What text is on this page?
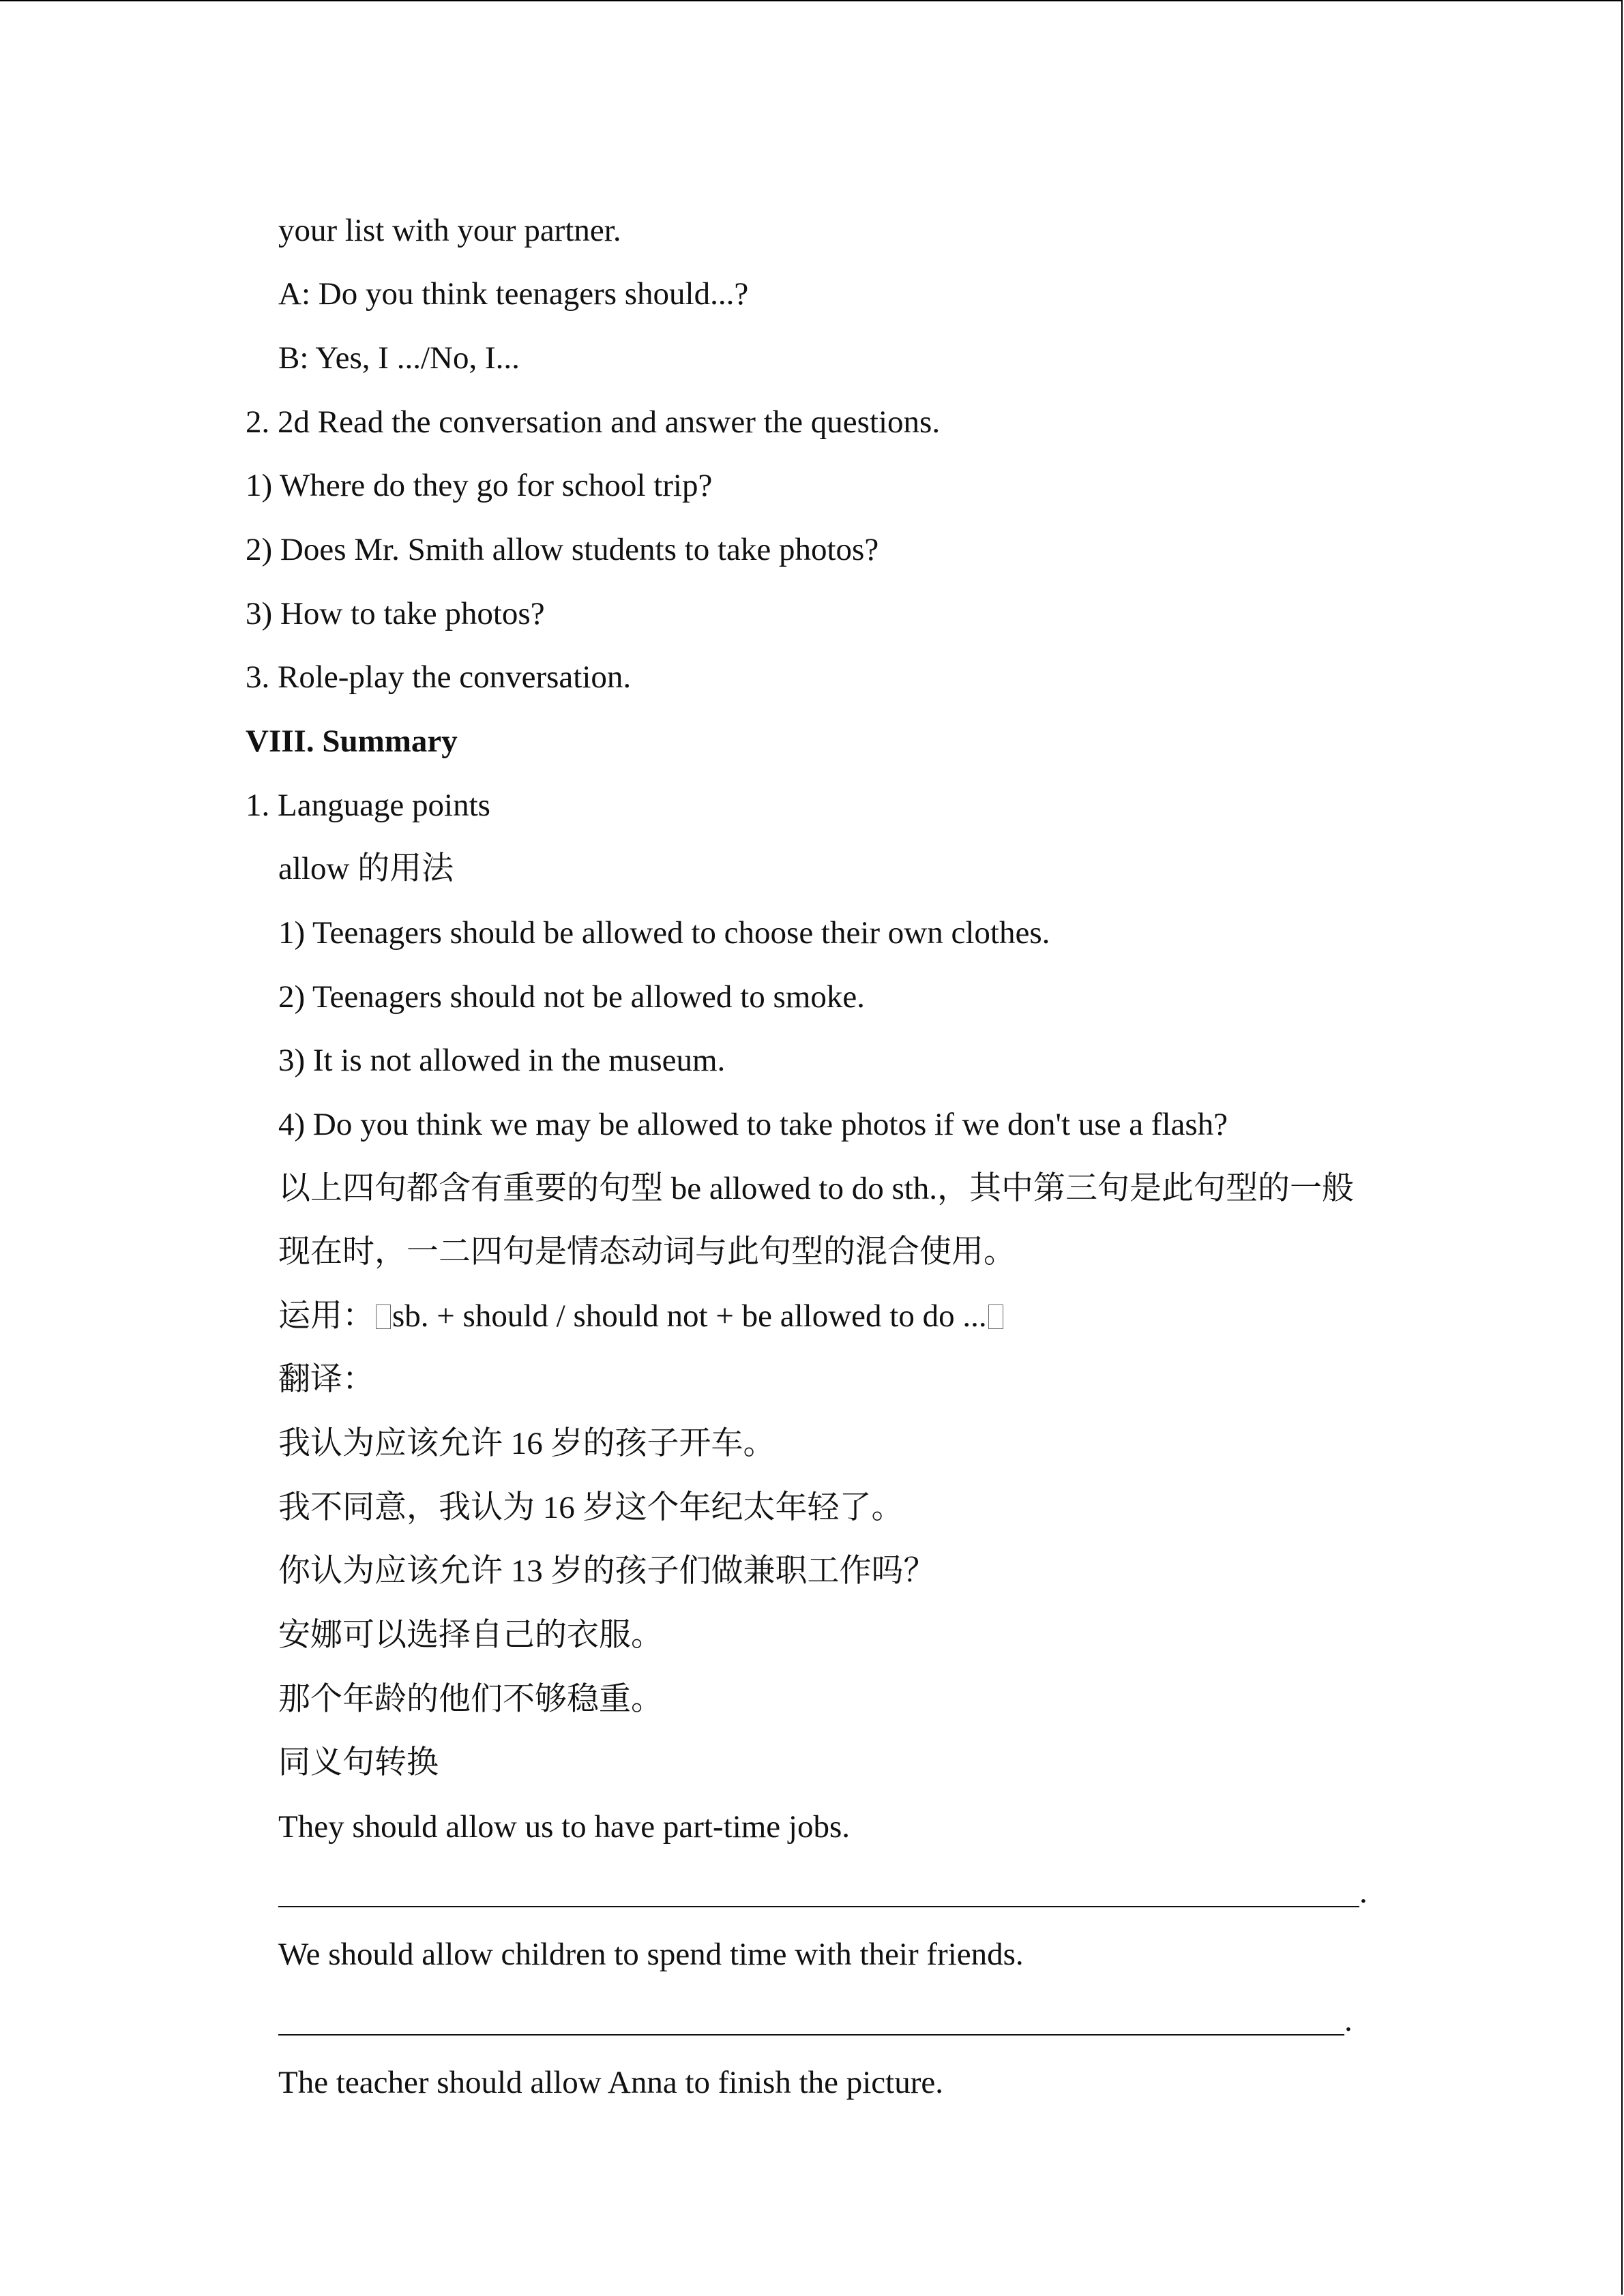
your list with your partner.
A: Do you think teenagers should...?
B: Yes, I .../No, I...
2. 2d Read the conversation and answer the questions.
1) Where do they go for school trip?
2) Does Mr. Smith allow students to take photos?
3) How to take photos?
3. Role-play the conversation.
VIII. Summary
1. Language points
allow 的用法
1) Teenagers should be allowed to choose their own clothes.
2) Teenagers should not be allowed to smoke.
3) It is not allowed in the museum.
4) Do you think we may be allowed to take photos if we don't use a flash?
以上四句都含有重要的句型 be allowed to do sth.，其中第三句是此句型的一般
现在时，一二四句是情态动词与此句型的混合使用。
运用： sb. + should / should not + be allowed to do ...
翻译：
我认为应该允许 16 岁的孩子开车。
我不同意，我认为 16 岁这个年纪太年轻了。
你认为应该允许 13 岁的孩子们做兼职工作吗？
安娜可以选择自己的衣服。
那个年龄的他们不够稳重。
同义句转换
They should allow us to have part-time jobs.
.
We should allow children to spend time with their friends.
.
The teacher should allow Anna to finish the picture.
